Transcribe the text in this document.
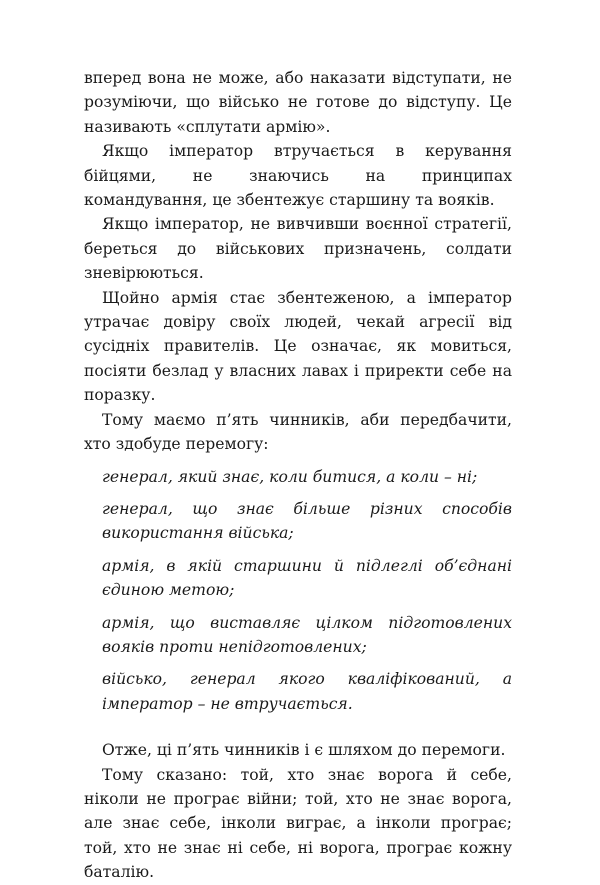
вперед вона не може, або наказати відступати, не розуміючи, що військо не готове до відступу. Це називають «сплутати армію».

Якщо імператор втручається в керування бійцями, не знаючись на принципах командування, це збентежує старшину та вояків.

Якщо імператор, не вивчивши воєнної стратегії, береться до військових призначень, солдати зневірюються.

Щойно армія стає збентеженою, а імператор утрачає довіру своїх людей, чекай агресії від сусідніх правителів. Це означає, як мовиться, посіяти безлад у власних лавах і приректи себе на поразку.

Тому маємо п’ять чинників, аби передбачити, хто здобуде перемогу:

генерал, який знає, коли битися, а коли – ні;

генерал, що знає більше різних способів використання війська;

армія, в якій старшини й підлеглі об’єднані єдиною метою;

армія, що виставляє цілком підготовлених вояків проти непідготовлених;

військо, генерал якого кваліфікований, а імператор – не втручається.

Отже, ці п’ять чинників і є шляхом до перемоги.

Тому сказано: той, хто знає ворога й себе, ніколи не програє війни; той, хто не знає ворога, але знає себе, інколи виграє, а інколи програє; той, хто не знає ні себе, ні ворога, програє кожну баталію.
